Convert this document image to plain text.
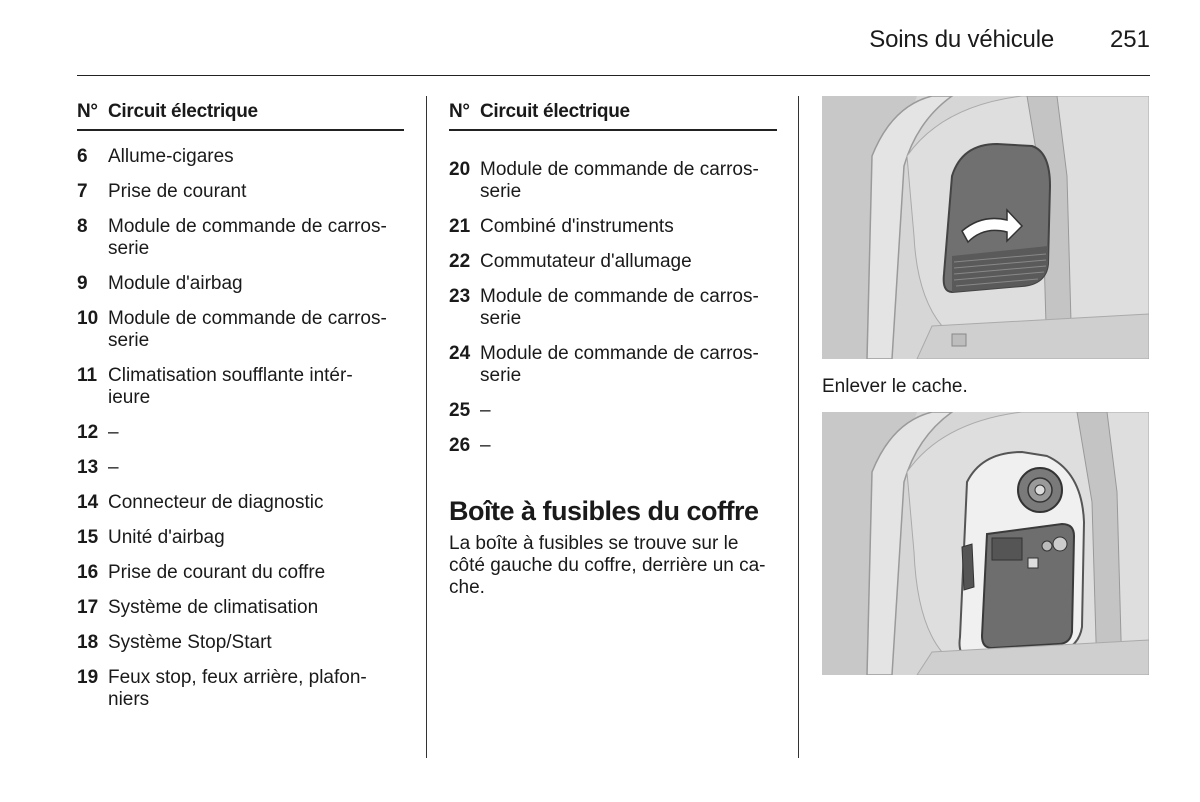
Soins du véhicule	251
N° Circuit électrique
6	Allume-cigares
7	Prise de courant
8	Module de commande de carros-
serie
9	Module d'airbag
10 Module de commande de carros-
serie
11 Climatisation soufflante intér-
ieure
12 –
13 –
14 Connecteur de diagnostic
15 Unité d'airbag
16 Prise de courant du coffre
17 Système de climatisation
18 Système Stop/Start
19 Feux stop, feux arrière, plafon-
niers
N° Circuit électrique
20 Module de commande de carros-
serie
21 Combiné d'instruments
22 Commutateur d'allumage
23 Module de commande de carros-
serie
24 Module de commande de carros-
serie
25 –
26 –
Boîte à fusibles du coffre

La boîte à fusibles se trouve sur le
côté gauche du coffre, derrière un ca-
che.

Enlever le cache.
